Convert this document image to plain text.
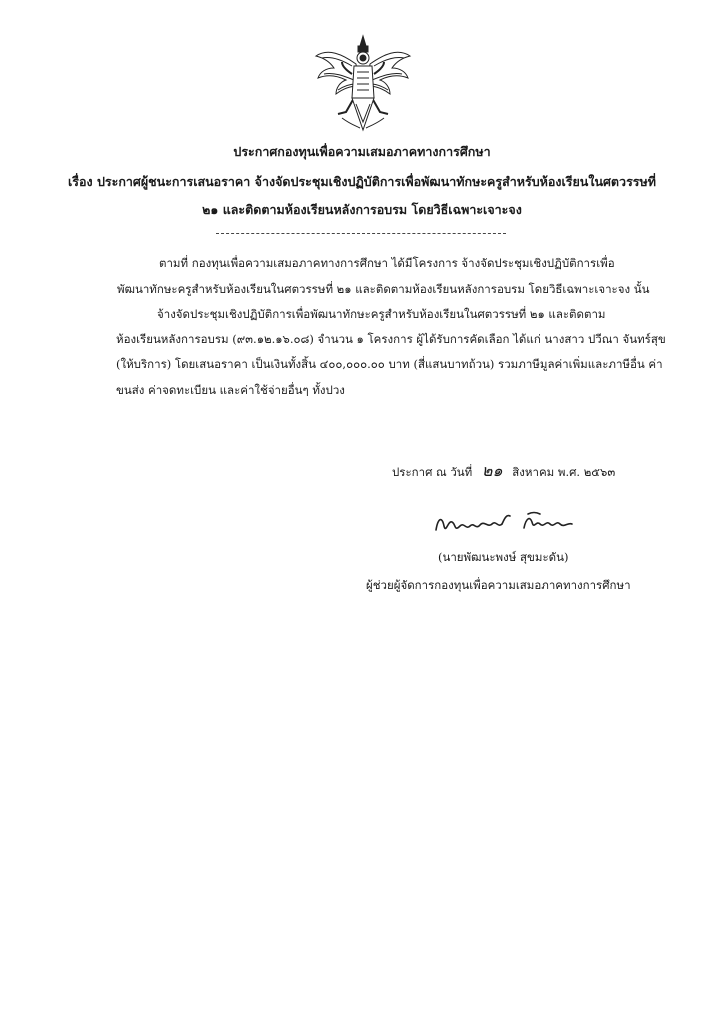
ประกาศกองทุนเพื่อความเสมอภาคทางการศึกษา
เรื่อง ประกาศผู้ชนะการเสนอราคา จ้างจัดประชุมเชิงปฏิบัติการเพื่อพัฒนาทักษะครูสำหรับห้องเรียนในศตวรรษที่
๒๑ และติดตามห้องเรียนหลังการอบรม โดยวิธีเฉพาะเจาะจง
ตามที่ กองทุนเพื่อความเสมอภาคทางการศึกษา ได้มีโครงการ จ้างจัดประชุมเชิงปฏิบัติการเพื่อ
พัฒนาทักษะครูสำหรับห้องเรียนในศตวรรษที่ ๒๑ และติดตามห้องเรียนหลังการอบรม โดยวิธีเฉพาะเจาะจง นั้น
จ้างจัดประชุมเชิงปฏิบัติการเพื่อพัฒนาทักษะครูสำหรับห้องเรียนในศตวรรษที่ ๒๑ และติดตาม
ห้องเรียนหลังการอบรม (๙๓.๑๒.๑๖.๐๘) จำนวน ๑ โครงการ ผู้ได้รับการคัดเลือก ได้แก่ นางสาว ปวีณา จันทร์สุข
(ให้บริการ) โดยเสนอราคา เป็นเงินทั้งสิ้น ๔๐๐,๐๐๐.๐๐ บาท (สี่แสนบาทถ้วน) รวมภาษีมูลค่าเพิ่มและภาษีอื่น ค่า
ขนส่ง ค่าจดทะเบียน และค่าใช้จ่ายอื่นๆ ทั้งปวง
ประกาศ ณ วันที่ ๒๑ สิงหาคม พ.ศ. ๒๕๖๓
(นายพัฒนะพงษ์ สุขมะดัน)
ผู้ช่วยผู้จัดการกองทุนเพื่อความเสมอภาคทางการศึกษา
